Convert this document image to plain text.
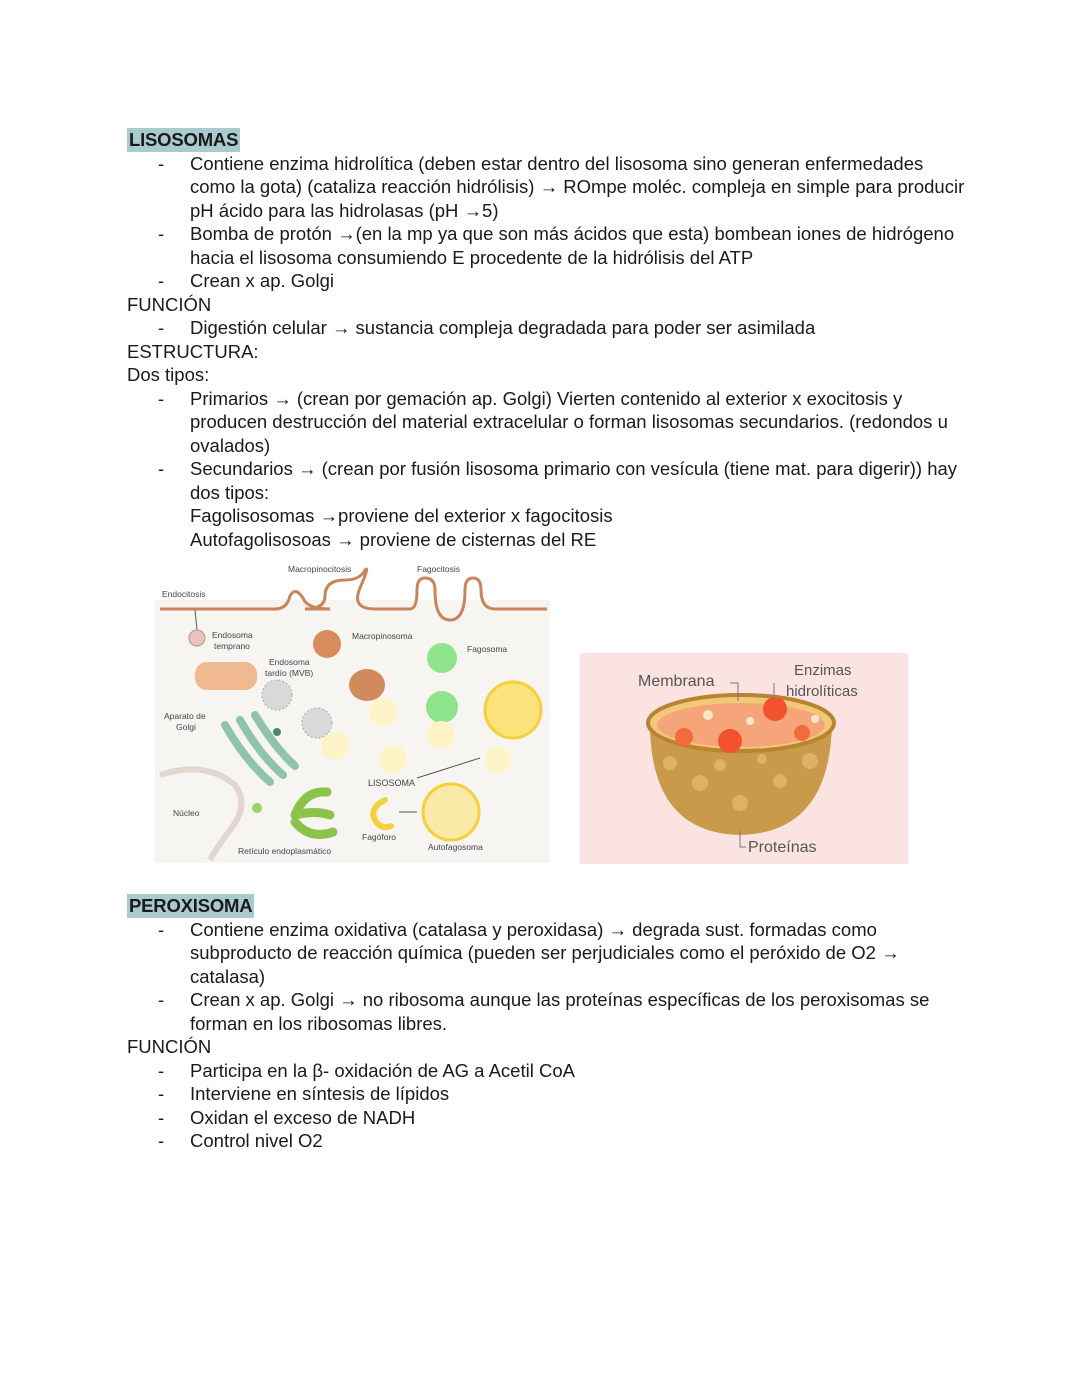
LISOSOMAS
- Contiene enzima hidrolítica (deben estar dentro del lisosoma sino generan enfermedades como la gota) (cataliza reacción hidrólisis) → ROmpe moléc. compleja en simple para producir pH ácido para las hidrolasas (pH →5)
- Bomba de protón →(en la mp ya que son más ácidos que esta) bombean iones de hidrógeno hacia el lisosoma consumiendo E procedente de la hidrólisis del ATP
- Crean x ap. Golgi
FUNCIÓN
- Digestión celular → sustancia compleja degradada para poder ser asimilada
ESTRUCTURA:
Dos tipos:
- Primarios → (crean por gemación ap. Golgi) Vierten contenido al exterior x exocitosis y producen destrucción del material extracelular o forman lisosomas secundarios. (redondos u ovalados)
- Secundarios → (crean por fusión lisosoma primario con vesícula (tiene mat. para digerir)) hay dos tipos:
Fagolisosomas →proviene del exterior x fagocitosis
Autofagolisosoas → proviene de cisternas del RE
Macropinocitosis	Fagocitosis
Endocitosis
Endosoma
temprano
Endosoma
tardío (MVB)
Macropinosoma
Fagosoma
Aparato de
Golgi
Núcleo
Retículo endoplasmático
LISOSOMA
Fagóforo
Autofagosoma
Membrana
Enzimas
hidrolíticas
Proteínas
PEROXISOMA
- Contiene enzima oxidativa (catalasa y peroxidasa) → degrada sust. formadas como subproducto de reacción química (pueden ser perjudiciales como el peróxido de O2 → catalasa)
- Crean x ap. Golgi → no ribosoma aunque las proteínas específicas de los peroxisomas se forman en los ribosomas libres.
FUNCIÓN
- Participa en la β- oxidación de AG a Acetil CoA
- Interviene en síntesis de lípidos
- Oxidan el exceso de NADH
- Control nivel O2
